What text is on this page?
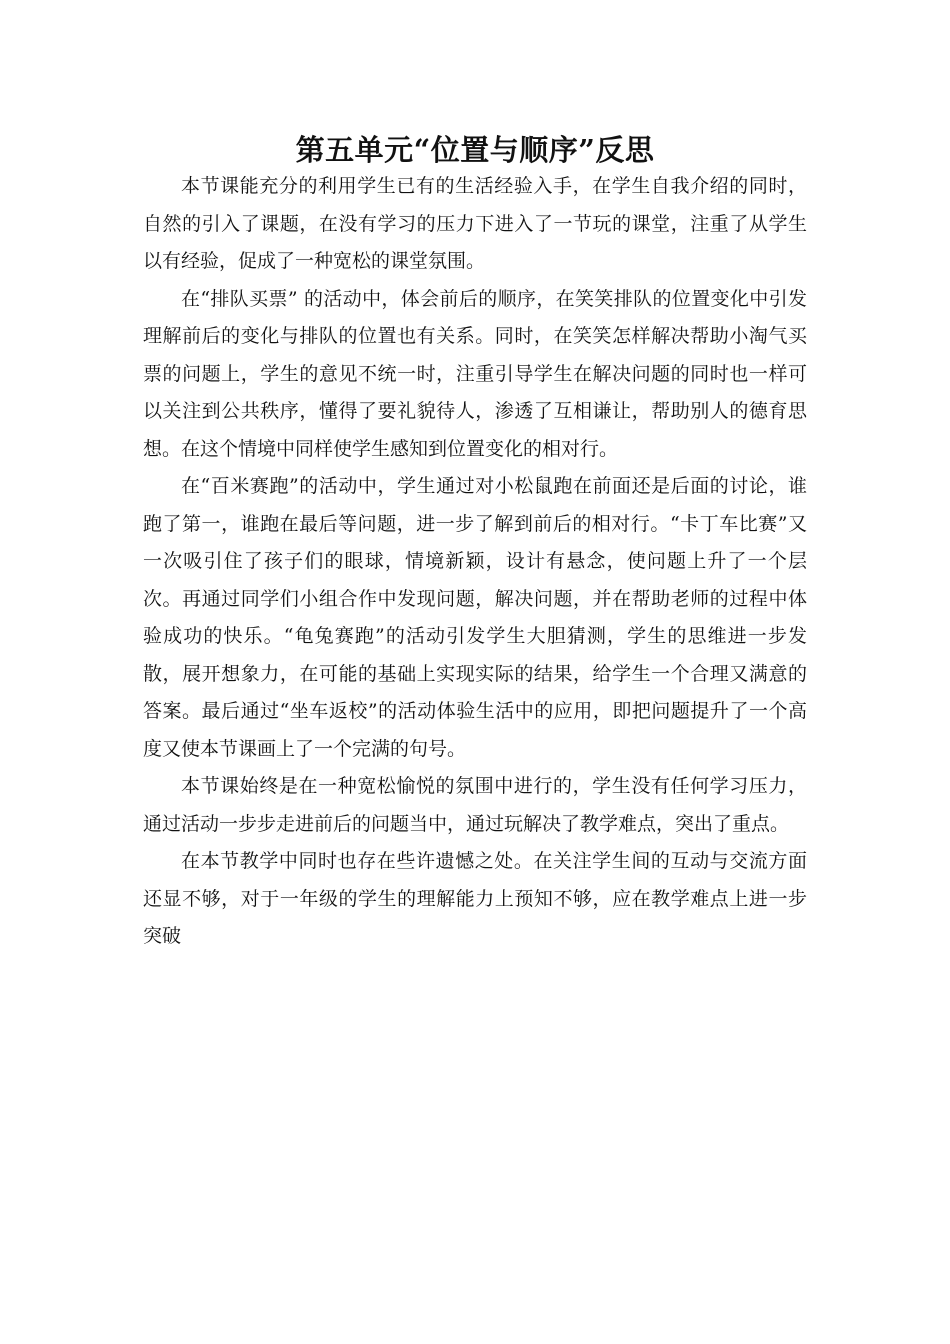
第五单元“位置与顺序”反思

本节课能充分的利用学生已有的生活经验入手，在学生自我介绍的同时，自然的引入了课题，在没有学习的压力下进入了一节玩的课堂，注重了从学生以有经验，促成了一种宽松的课堂氛围。

在“排队买票” 的活动中，体会前后的顺序，在笑笑排队的位置变化中引发理解前后的变化与排队的位置也有关系。同时，在笑笑怎样解决帮助小淘气买票的问题上，学生的意见不统一时，注重引导学生在解决问题的同时也一样可以关注到公共秩序，懂得了要礼貌待人，渗透了互相谦让，帮助别人的德育思想。在这个情境中同样使学生感知到位置变化的相对行。

在“百米赛跑”的活动中，学生通过对小松鼠跑在前面还是后面的讨论，谁跑了第一，谁跑在最后等问题，进一步了解到前后的相对行。“卡丁车比赛”又一次吸引住了孩子们的眼球，情境新颖，设计有悬念，使问题上升了一个层次。再通过同学们小组合作中发现问题，解决问题，并在帮助老师的过程中体验成功的快乐。“龟兔赛跑”的活动引发学生大胆猜测，学生的思维进一步发散，展开想象力，在可能的基础上实现实际的结果，给学生一个合理又满意的答案。最后通过“坐车返校”的活动体验生活中的应用，即把问题提升了一个高度又使本节课画上了一个完满的句号。

本节课始终是在一种宽松愉悦的氛围中进行的，学生没有任何学习压力，通过活动一步步走进前后的问题当中，通过玩解决了教学难点，突出了重点。

在本节教学中同时也存在些许遗憾之处。在关注学生间的互动与交流方面还显不够，对于一年级的学生的理解能力上预知不够，应在教学难点上进一步突破
